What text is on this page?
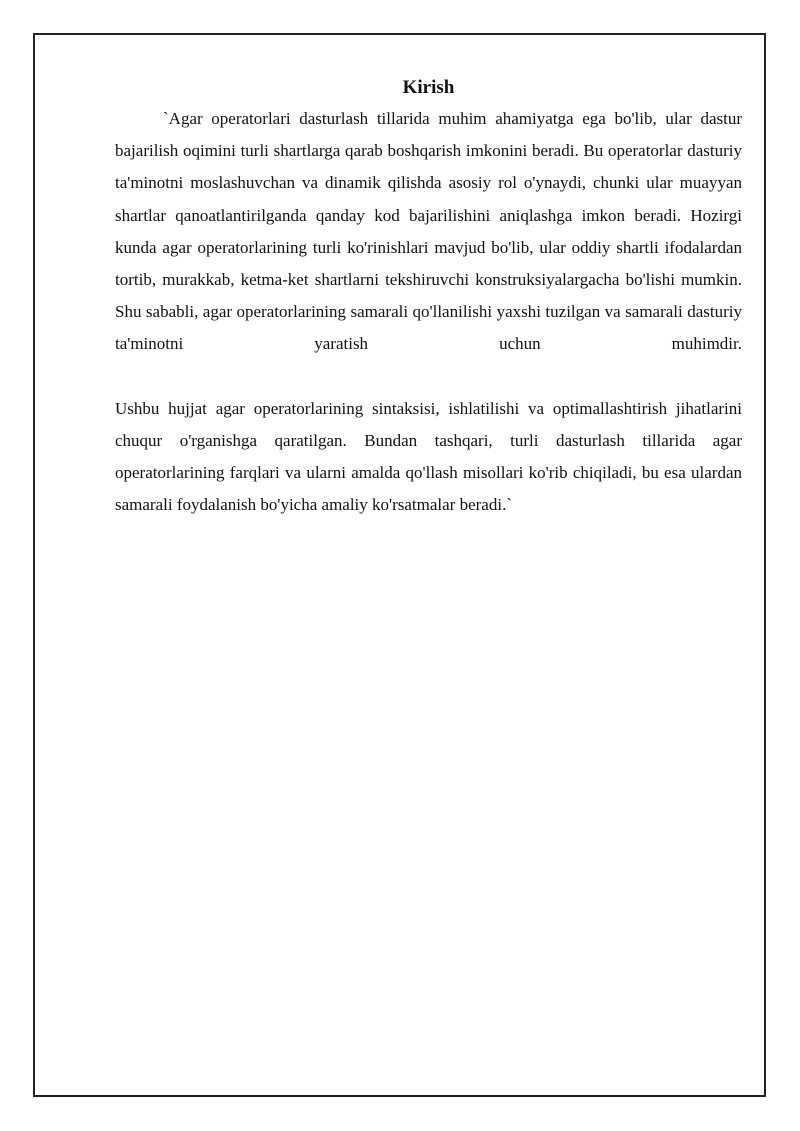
Kirish

`Agar operatorlari dasturlash tillarida muhim ahamiyatga ega bo'lib, ular dastur bajarilish oqimini turli shartlarga qarab boshqarish imkonini beradi. Bu operatorlar dasturiy ta'minotni moslashuvchan va dinamik qilishda asosiy rol o'ynaydi, chunki ular muayyan shartlar qanoatlantirilganda qanday kod bajarilishini aniqlashga imkon beradi. Hozirgi kunda agar operatorlarining turli ko'rinishlari mavjud bo'lib, ular oddiy shartli ifodalardan tortib, murakkab, ketma-ket shartlarni tekshiruvchi konstruksiyalargacha bo'lishi mumkin. Shu sababli, agar operatorlarining samarali qo'llanilishi yaxshi tuzilgan va samarali dasturiy ta'minotni yaratish uchun muhimdir.

Ushbu hujjat agar operatorlarining sintaksisi, ishlatilishi va optimallashtirish jihatlarini chuqur o'rganishga qaratilgan. Bundan tashqari, turli dasturlash tillarida agar operatorlarining farqlari va ularni amalda qo'llash misollari ko'rib chiqiladi, bu esa ulardan samarali foydalanish bo'yicha amaliy ko'rsatmalar beradi.`
